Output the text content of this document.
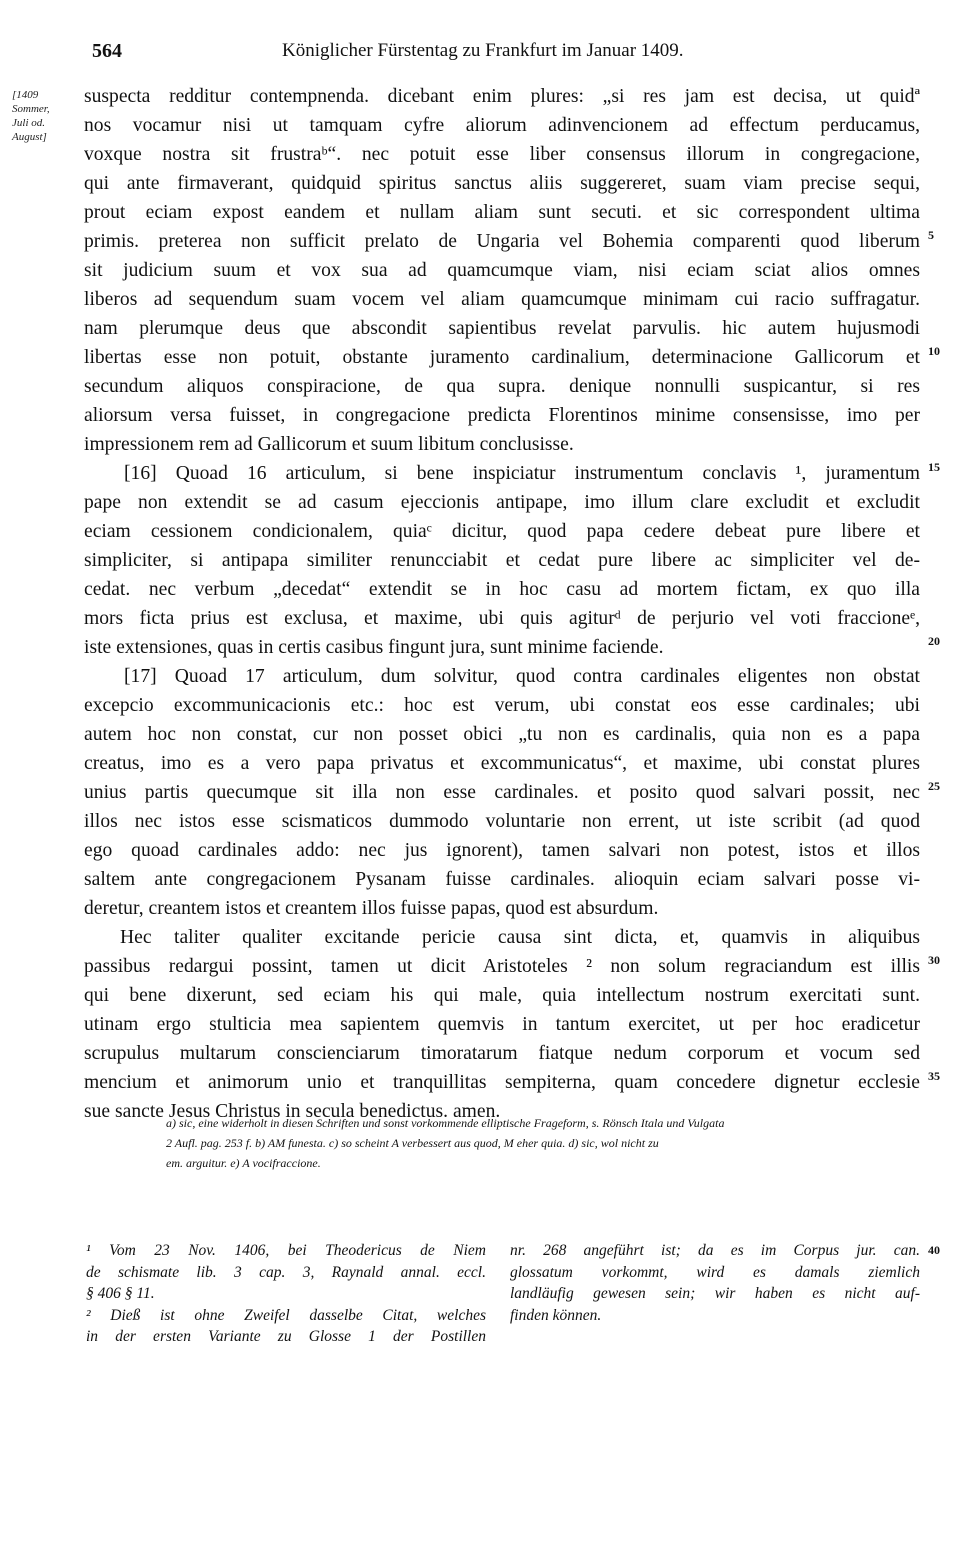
564	Königlicher Fürstentag zu Frankfurt im Januar 1409.
[1409
Sommer,
Juli od.
August]
suspecta redditur contempnenda. dicebant enim plures: „si res jam est decisa, ut quidª
nos vocamur nisi ut tamquam cyfre aliorum adinvencionem ad effectum perducamus,
voxque nostra sit frustraᵇ“. nec potuit esse liber consensus illorum in congregacione,
qui ante firmaverant, quidquid spiritus sanctus aliis suggereret, suam viam precise sequi,
prout eciam expost eandem et nullam aliam sunt secuti. et sic correspondent ultima
primis. preterea non sufficit prelato de Ungaria vel Bohemia comparenti quod liberum
sit judicium suum et vox sua ad quamcumque viam, nisi eciam sciat alios omnes
liberos ad sequendum suam vocem vel aliam quamcumque minimam cui racio suffragatur.
nam plerumque deus que abscondit sapientibus revelat parvulis. hic autem hujusmodi
libertas esse non potuit, obstante juramento cardinalium, determinacione Gallicorum et
secundum aliquos conspiracione, de qua supra. denique nonnulli suspicantur, si res
aliorsum versa fuisset, in congregacione predicta Florentinos minime consensisse, imo per
impressionem rem ad Gallicorum et suum libitum conclusisse.
[16] Quoad 16 articulum, si bene inspiciatur instrumentum conclavis ¹, juramentum
pape non extendit se ad casum ejeccionis antipape, imo illum clare excludit et excludit
eciam cessionem condicionalem, quiaᶜ dicitur, quod papa cedere debeat pure libere et
simpliciter, si antipapa similiter renuncciabit et cedat pure libere ac simpliciter vel de-
cedat. nec verbum „decedat“ extendit se in hoc casu ad mortem fictam, ex quo illa
mors ficta prius est exclusa, et maxime, ubi quis agiturᵈ de perjurio vel voti fraccioneᵉ,
iste extensiones, quas in certis casibus fingunt jura, sunt minime faciende.
[17] Quoad 17 articulum, dum solvitur, quod contra cardinales eligentes non obstat
excepcio excommunicacionis etc.: hoc est verum, ubi constat eos esse cardinales; ubi
autem hoc non constat, cur non posset obici „tu non es cardinalis, quia non es a papa
creatus, imo es a vero papa privatus et excommunicatus“, et maxime, ubi constat plures
unius partis quecumque sit illa non esse cardinales. et posito quod salvari possit, nec
illos nec istos esse scismaticos dummodo voluntarie non errent, ut iste scribit (ad quod
ego quoad cardinales addo: nec jus ignorent), tamen salvari non potest, istos et illos
saltem ante congregacionem Pysanam fuisse cardinales. alioquin eciam salvari posse vi-
deretur, creantem istos et creantem illos fuisse papas, quod est absurdum.
Hec taliter qualiter excitande pericie causa sint dicta, et, quamvis in aliquibus
passibus redargui possint, tamen ut dicit Aristoteles ² non solum regraciandum est illis
qui bene dixerunt, sed eciam his qui male, quia intellectum nostrum exercitati sunt.
utinam ergo stulticia mea sapientem quemvis in tantum exercitet, ut per hoc eradicetur
scrupulus multarum conscienciarum timoratarum fiatque nedum corporum et vocum sed
mencium et animorum unio et tranquillitas sempiterna, quam concedere dignetur ecclesie
sue sancte Jesus Christus in secula benedictus. amen.
5
10
15
20
25
30
35
a) sic, eine widerholt in diesen Schriften und sonst vorkommende elliptische Frageform, s. Rönsch Itala und Vulgata
2 Aufl. pag. 253 f. b) AM funesta. c) so scheint A verbessert aus quod, M eher quia. d) sic, wol nicht zu
em. arguitur. e) A vocifraccione.
¹ Vom 23 Nov. 1406, bei Theodericus de Niem
de schismate lib. 3 cap. 3, Raynald annal. eccl.
§ 406 § 11.
² Dieß ist ohne Zweifel dasselbe Citat, welches
in der ersten Variante zu Glosse 1 der Postillen
nr. 268 angeführt ist; da es im Corpus jur. can.
glossatum vorkommt, wird es damals ziemlich
landläufig gewesen sein; wir haben es nicht auf-
finden können.
40
